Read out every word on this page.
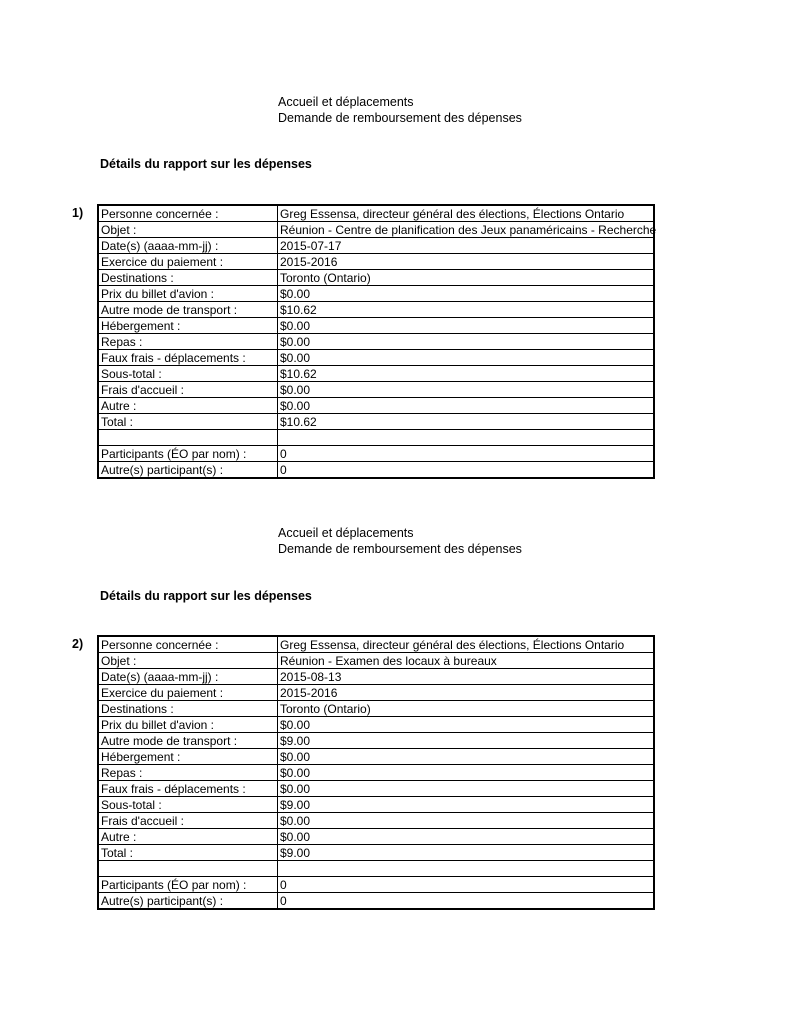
Accueil et déplacements
Demande de remboursement des dépenses
Détails du rapport sur les dépenses
1) Personne concernée :	Greg Essensa, directeur général des élections, Élections Ontario
Objet :	Réunion - Centre de planification des Jeux panaméricains - Recherche
Date(s) (aaaa-mm-jj) :	2015-07-17
Exercice du paiement :	2015-2016
Destinations :	Toronto (Ontario)
Prix du billet d'avion :	$0.00
Autre mode de transport :	$10.62
Hébergement :	$0.00
Repas :	$0.00
Faux frais - déplacements :	$0.00
Sous-total :	$10.62
Frais d'accueil :	$0.00
Autre :	$0.00
Total :	$10.62

Participants (ÉO par nom) :	0
Autre(s) participant(s) :	0
Accueil et déplacements
Demande de remboursement des dépenses
Détails du rapport sur les dépenses
2) Personne concernée :	Greg Essensa, directeur général des élections, Élections Ontario
Objet :	Réunion - Examen des locaux à bureaux
Date(s) (aaaa-mm-jj) :	2015-08-13
Exercice du paiement :	2015-2016
Destinations :	Toronto (Ontario)
Prix du billet d'avion :	$0.00
Autre mode de transport :	$9.00
Hébergement :	$0.00
Repas :	$0.00
Faux frais - déplacements :	$0.00
Sous-total :	$9.00
Frais d'accueil :	$0.00
Autre :	$0.00
Total :	$9.00

Participants (ÉO par nom) :	0
Autre(s) participant(s) :	0
